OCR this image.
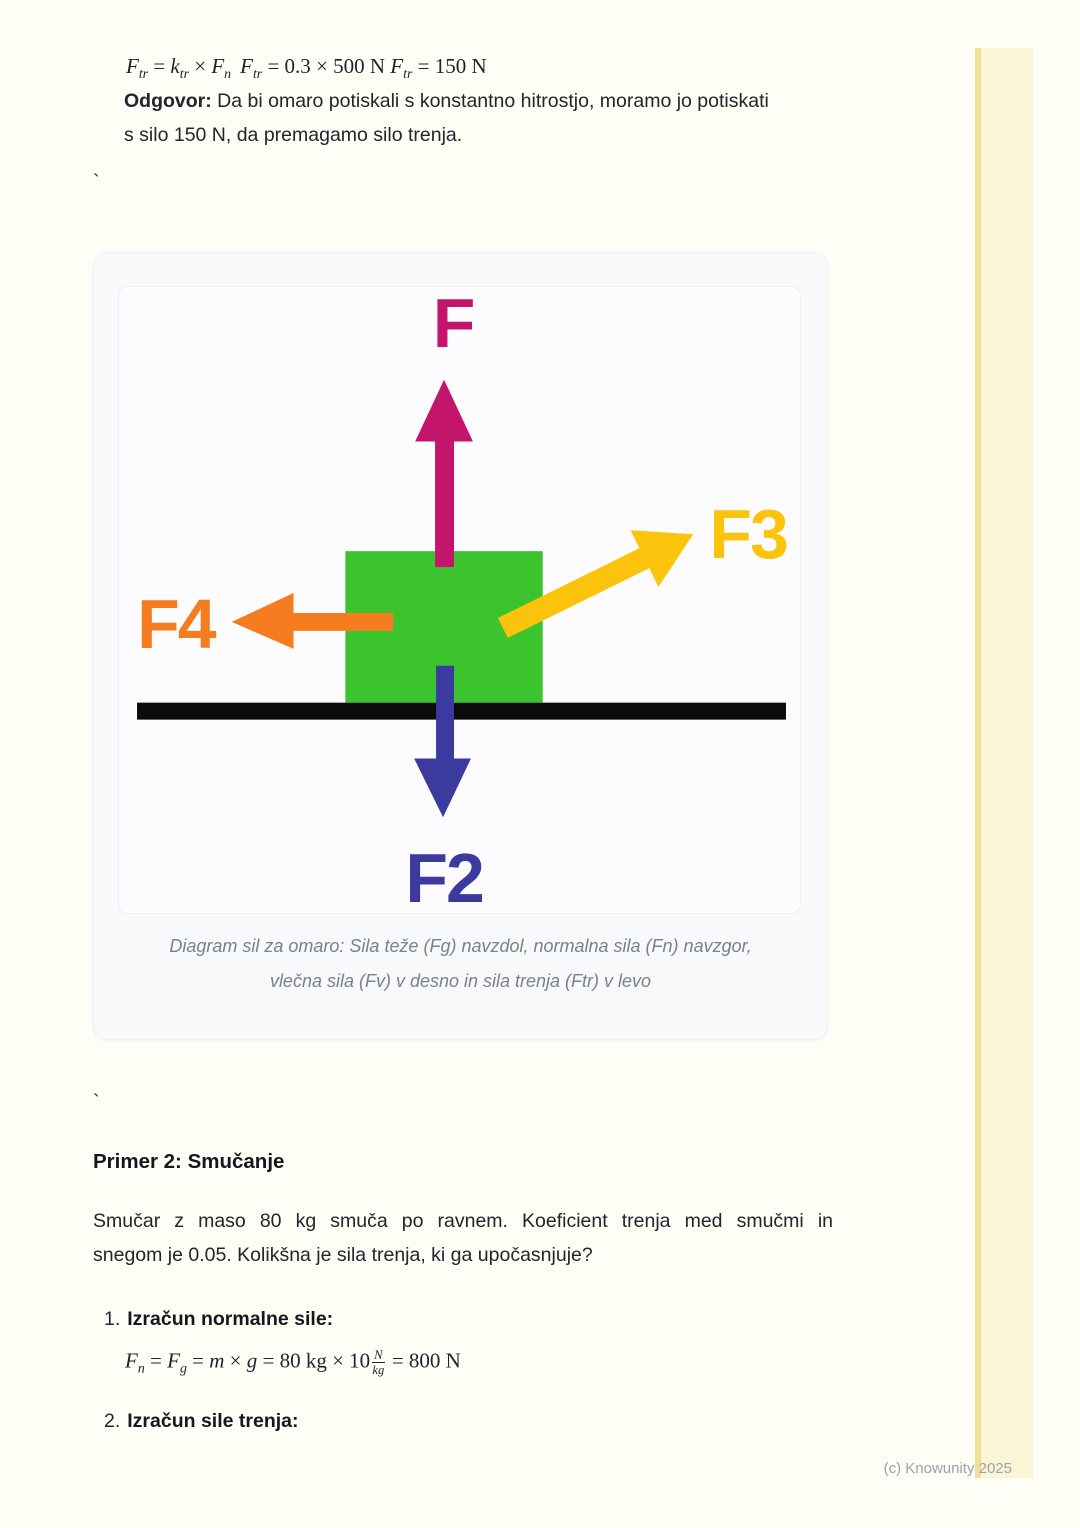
$F_{tr} = k_{tr} \times F_n$ $F_{tr} = 0.3 \times 500$ N $F_{tr} = 150$ N
Odgovor: Da bi omaro potiskali s konstantno hitrostjo, moramo jo potiskati
s silo 150 N, da premagamo silo trenja.
`
F
F3
F4
F2
Diagram sil za omaro: Sila teže (Fg) navzdol, normalna sila (Fn) navzgor,
vlečna sila (Fv) v desno in sila trenja (Ftr) v levo
`
Primer 2: Smučanje
Smučar z maso 80 kg smuča po ravnem. Koeficient trenja med smučmi in
snegom je 0.05. Kolikšna je sila trenja, ki ga upočasnjuje?
1. Izračun normalne sile:
$F_n = F_g = m \times g = 80$ kg × $10 \frac{N}{kg} = 800$ N
2. Izračun sile trenja:
(c) Knowunity 2025
